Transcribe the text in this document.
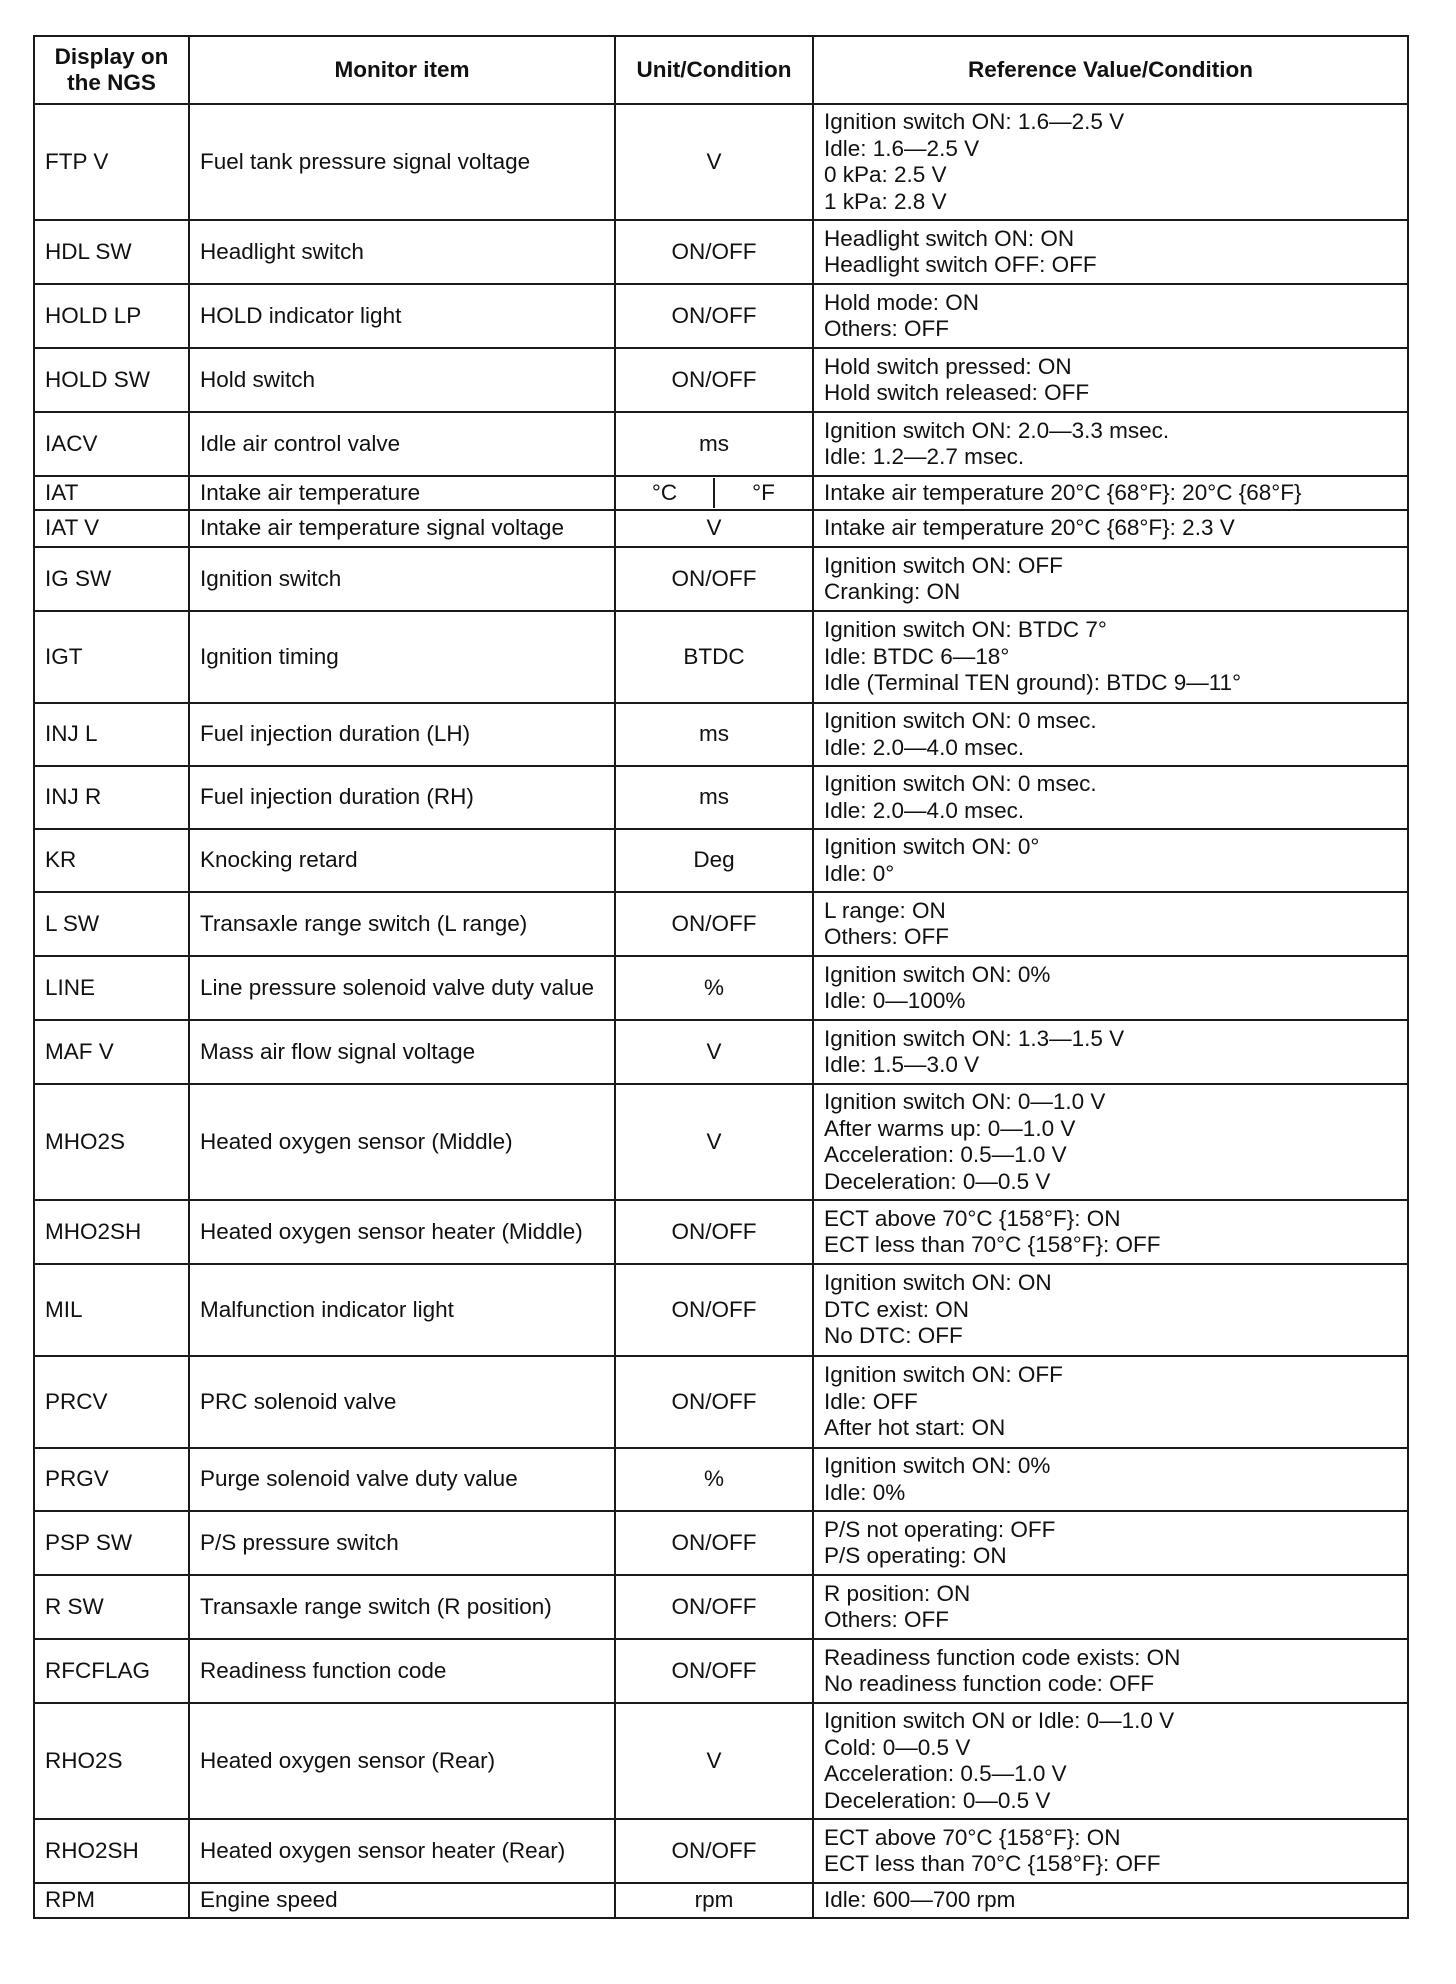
Display on the NGS	Monitor item	Unit/Condition	Reference Value/Condition
FTP V	Fuel tank pressure signal voltage	V	Ignition switch ON: 1.6—2.5 V
Idle: 1.6—2.5 V
0 kPa: 2.5 V
1 kPa: 2.8 V

HDL SW	Headlight switch	ON/OFF	Headlight switch ON: ON
Headlight switch OFF: OFF

HOLD LP	HOLD indicator light	ON/OFF	Hold mode: ON
Others: OFF

HOLD SW	Hold switch	ON/OFF	Hold switch pressed: ON
Hold switch released: OFF

IACV	Idle air control valve	ms	Ignition switch ON: 2.0—3.3 msec.
Idle: 1.2—2.7 msec.

IAT	Intake air temperature	°C °F	Intake air temperature 20°C {68°F}: 20°C {68°F}

IAT V	Intake air temperature signal voltage	V	Intake air temperature 20°C {68°F}: 2.3 V

IG SW	Ignition switch	ON/OFF	Ignition switch ON: OFF
Cranking: ON

IGT	Ignition timing	BTDC	Ignition switch ON: BTDC 7°
Idle: BTDC 6—18°
Idle (Terminal TEN ground): BTDC 9—11°

INJ L	Fuel injection duration (LH)	ms	Ignition switch ON: 0 msec.
Idle: 2.0—4.0 msec.

INJ R	Fuel injection duration (RH)	ms	Ignition switch ON: 0 msec.
Idle: 2.0—4.0 msec.

KR	Knocking retard	Deg	Ignition switch ON: 0°
Idle: 0°

L SW	Transaxle range switch (L range)	ON/OFF	L range: ON
Others: OFF

LINE	Line pressure solenoid valve duty value	%	Ignition switch ON: 0%
Idle: 0—100%

MAF V	Mass air flow signal voltage	V	Ignition switch ON: 1.3—1.5 V
Idle: 1.5—3.0 V

MHO2S	Heated oxygen sensor (Middle)	V	Ignition switch ON: 0—1.0 V
After warms up: 0—1.0 V
Acceleration: 0.5—1.0 V
Deceleration: 0—0.5 V

MHO2SH	Heated oxygen sensor heater (Middle)	ON/OFF	ECT above 70°C {158°F}: ON
ECT less than 70°C {158°F}: OFF

MIL	Malfunction indicator light	ON/OFF	Ignition switch ON: ON
DTC exist: ON
No DTC: OFF

PRCV	PRC solenoid valve	ON/OFF	Ignition switch ON: OFF
Idle: OFF
After hot start: ON

PRGV	Purge solenoid valve duty value	%	Ignition switch ON: 0%
Idle: 0%

PSP SW	P/S pressure switch	ON/OFF	P/S not operating: OFF
P/S operating: ON

R SW	Transaxle range switch (R position)	ON/OFF	R position: ON
Others: OFF

RFCFLAG	Readiness function code	ON/OFF	Readiness function code exists: ON
No readiness function code: OFF

RHO2S	Heated oxygen sensor (Rear)	V	Ignition switch ON or Idle: 0—1.0 V
Cold: 0—0.5 V
Acceleration: 0.5—1.0 V
Deceleration: 0—0.5 V

RHO2SH	Heated oxygen sensor heater (Rear)	ON/OFF	ECT above 70°C {158°F}: ON
ECT less than 70°C {158°F}: OFF

RPM	Engine speed	rpm	Idle: 600—700 rpm
